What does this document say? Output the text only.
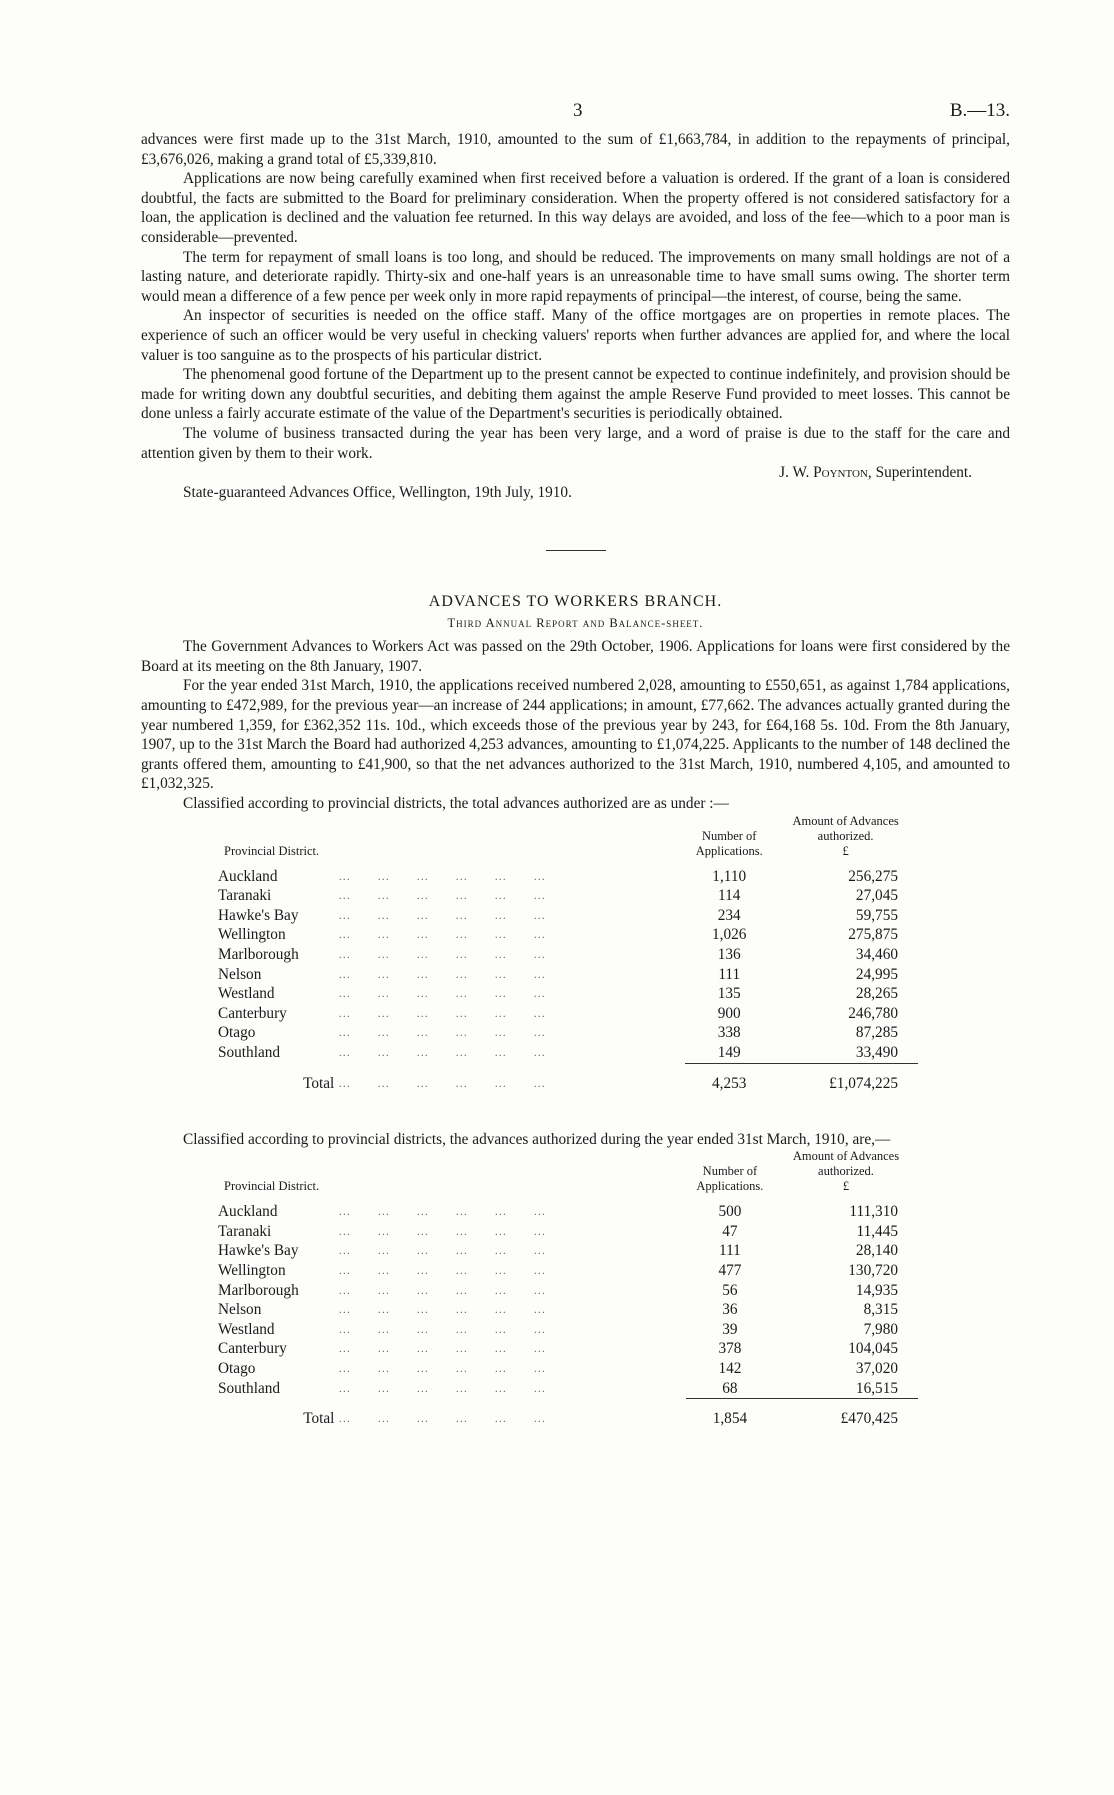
3	B.—13.

advances were first made up to the 31st March, 1910, amounted to the sum of £1,663,784, in addition to the repayments of principal, £3,676,026, making a grand total of £5,339,810.

Applications are now being carefully examined when first received before a valuation is ordered. If the grant of a loan is considered doubtful, the facts are submitted to the Board for preliminary consideration. When the property offered is not considered satisfactory for a loan, the application is declined and the valuation fee returned. In this way delays are avoided, and loss of the fee—which to a poor man is considerable—prevented.

The term for repayment of small loans is too long, and should be reduced. The improvements on many small holdings are not of a lasting nature, and deteriorate rapidly. Thirty-six and one-half years is an unreasonable time to have small sums owing. The shorter term would mean a difference of a few pence per week only in more rapid repayments of principal—the interest, of course, being the same.

An inspector of securities is needed on the office staff. Many of the office mortgages are on properties in remote places. The experience of such an officer would be very useful in checking valuers' reports when further advances are applied for, and where the local valuer is too sanguine as to the prospects of his particular district.

The phenomenal good fortune of the Department up to the present cannot be expected to continue indefinitely, and provision should be made for writing down any doubtful securities, and debiting them against the ample Reserve Fund provided to meet losses. This cannot be done unless a fairly accurate estimate of the value of the Department's securities is periodically obtained.

The volume of business transacted during the year has been very large, and a word of praise is due to the staff for the care and attention given by them to their work.

J. W. Poynton, Superintendent.
State-guaranteed Advances Office, Wellington, 19th July, 1910.
ADVANCES TO WORKERS BRANCH.
Third Annual Report and Balance-sheet.

The Government Advances to Workers Act was passed on the 29th October, 1906. Applications for loans were first considered by the Board at its meeting on the 8th January, 1907.

For the year ended 31st March, 1910, the applications received numbered 2,028, amounting to £550,651, as against 1,784 applications, amounting to £472,989, for the previous year—an increase of 244 applications; in amount, £77,662. The advances actually granted during the year numbered 1,359, for £362,352 11s. 10d., which exceeds those of the previous year by 243, for £64,168 5s. 10d. From the 8th January, 1907, up to the 31st March the Board had authorized 4,253 advances, amounting to £1,074,225. Applicants to the number of 148 declined the grants offered them, amounting to £41,900, so that the net advances authorized to the 31st March, 1910, numbered 4,105, and amounted to £1,032,325.

Classified according to provincial districts, the total advances authorized are as under :—

Provincial District.		Number of Applications.	Amount of Advances authorized.
£
Auckland	…  …  …  …  …  …	1,110	256,275
Taranaki	…  …  …  …  …  …	114	27,045
Hawke's Bay	…  …  …  …  …  …	234	59,755
Wellington	…  …  …  …  …  …	1,026	275,875
Marlborough	…  …  …  …  …  …	136	34,460
Nelson	…  …  …  …  …  …	111	24,995
Westland	…  …  …  …  …  …	135	28,265
Canterbury	…  …  …  …  …  …	900	246,780
Otago	…  …  …  …  …  …	338	87,285
Southland	…  …  …  …  …  …	149	33,490
Total	…  …  …  …  …  …	4,253	£1,074,225

Classified according to provincial districts, the advances authorized during the year ended 31st March, 1910, are,—

Provincial District.		Number of Applications.	Amount of Advances authorized.
£
Auckland	…  …  …  …  …  …	500	111,310
Taranaki	…  …  …  …  …  …	47	11,445
Hawke's Bay	…  …  …  …  …  …	111	28,140
Wellington	…  …  …  …  …  …	477	130,720
Marlborough	…  …  …  …  …  …	56	14,935
Nelson	…  …  …  …  …  …	36	8,315
Westland	…  …  …  …  …  …	39	7,980
Canterbury	…  …  …  …  …  …	378	104,045
Otago	…  …  …  …  …  …	142	37,020
Southland	…  …  …  …  …  …	68	16,515
Total	…  …  …  …  …  …	1,854	£470,425
